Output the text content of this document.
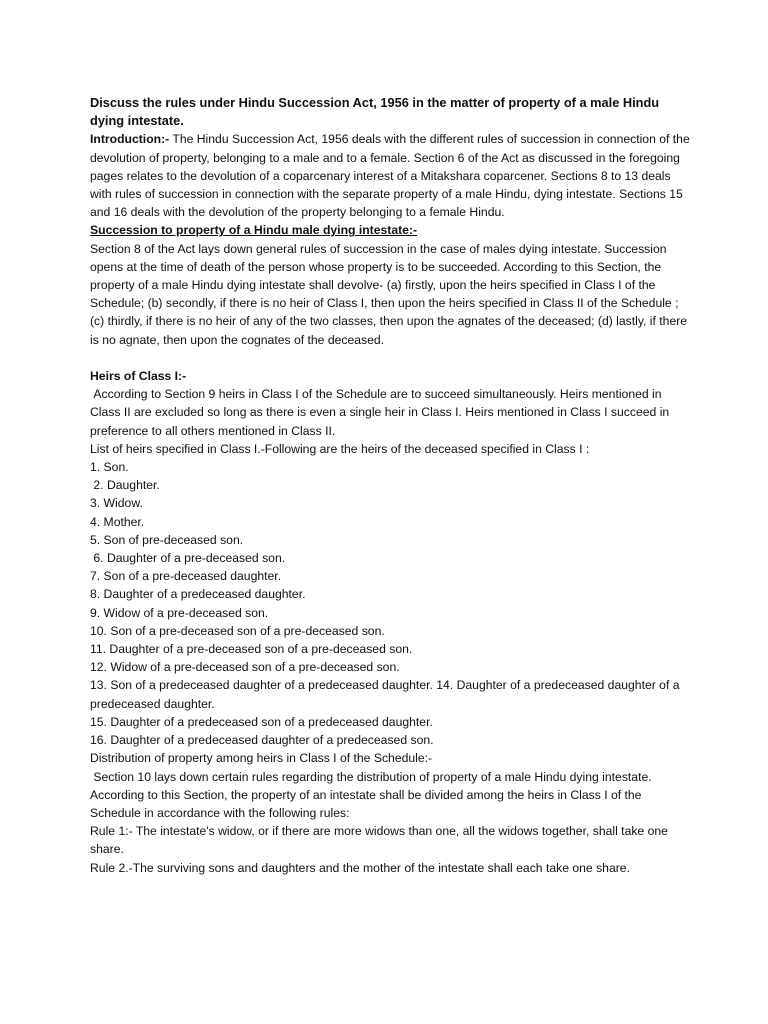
Discuss the rules under Hindu Succession Act, 1956 in the matter of property of a male Hindu dying intestate.

Introduction:- The Hindu Succession Act, 1956 deals with the different rules of succession in connection of the devolution of property, belonging to a male and to a female. Section 6 of the Act as discussed in the foregoing pages relates to the devolution of a coparcenary interest of a Mitakshara coparcener. Sections 8 to 13 deals with rules of succession in connection with the separate property of a male Hindu, dying intestate. Sections 15 and 16 deals with the devolution of the property belonging to a female Hindu.

Succession to property of a Hindu male dying intestate:-

Section 8 of the Act lays down general rules of succession in the case of males dying intestate. Succession opens at the time of death of the person whose property is to be succeeded. According to this Section, the property of a male Hindu dying intestate shall devolve- (a) firstly, upon the heirs specified in Class I of the Schedule; (b) secondly, if there is no heir of Class I, then upon the heirs specified in Class II of the Schedule ; (c) thirdly, if there is no heir of any of the two classes, then upon the agnates of the deceased; (d) lastly, if there is no agnate, then upon the cognates of the deceased.

Heirs of Class I:-

According to Section 9 heirs in Class I of the Schedule are to succeed simultaneously. Heirs mentioned in Class II are excluded so long as there is even a single heir in Class I. Heirs mentioned in Class I succeed in preference to all others mentioned in Class II.

List of heirs specified in Class I.-Following are the heirs of the deceased specified in Class I :

1. Son.
2. Daughter.
3. Widow.
4. Mother.
5. Son of pre-deceased son.
6. Daughter of a pre-deceased son.
7. Son of a pre-deceased daughter.
8. Daughter of a predeceased daughter.
9. Widow of a pre-deceased son.
10. Son of a pre-deceased son of a pre-deceased son.
11. Daughter of a pre-deceased son of a pre-deceased son.
12. Widow of a pre-deceased son of a pre-deceased son.
13. Son of a predeceased daughter of a predeceased daughter. 14. Daughter of a predeceased daughter of a predeceased daughter.
15. Daughter of a predeceased son of a predeceased daughter.
16. Daughter of a predeceased daughter of a predeceased son.

Distribution of property among heirs in Class I of the Schedule:-

Section 10 lays down certain rules regarding the distribution of property of a male Hindu dying intestate. According to this Section, the property of an intestate shall be divided among the heirs in Class I of the Schedule in accordance with the following rules:

Rule 1:- The intestate's widow, or if there are more widows than one, all the widows together, shall take one share.

Rule 2.-The surviving sons and daughters and the mother of the intestate shall each take one share.
